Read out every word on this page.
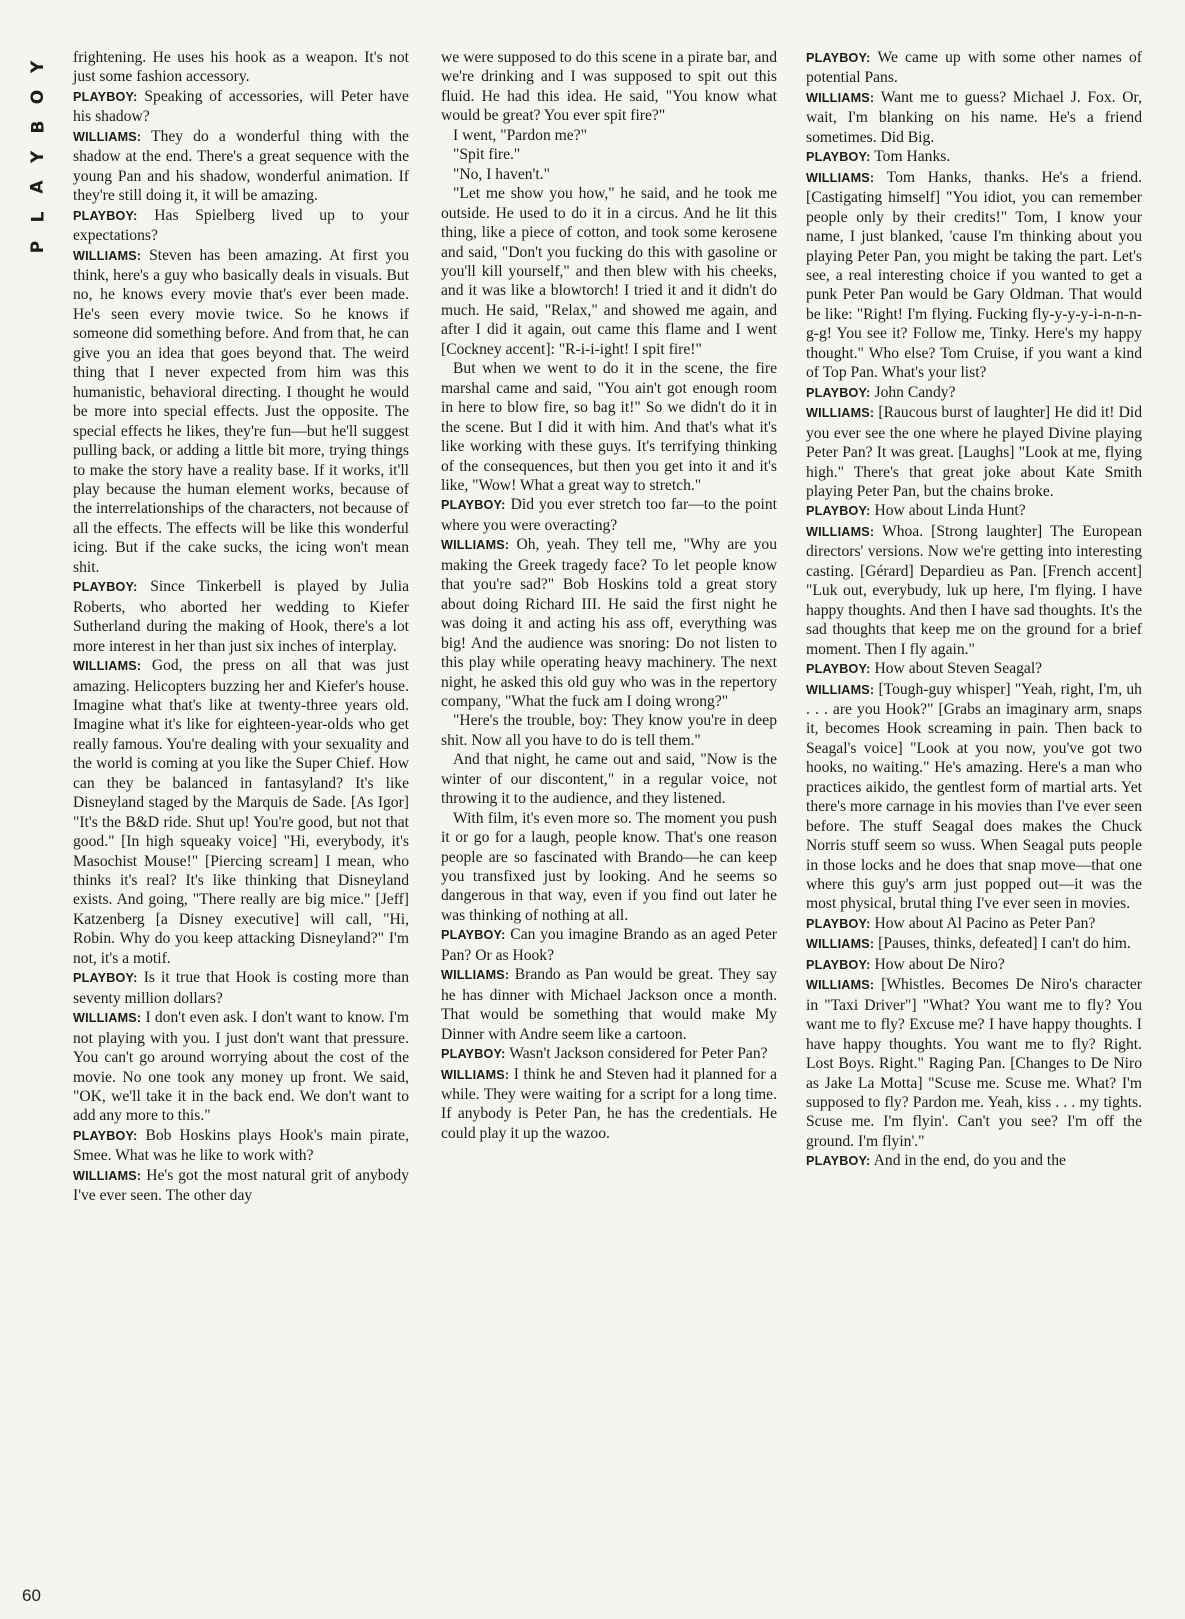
Y
O
B
Y
A
L
P

frightening. He uses his hook as a weapon. It's not just some fashion accessory.

PLAYBOY: Speaking of accessories, will Peter have his shadow?

WILLIAMS: They do a wonderful thing with the shadow at the end. There's a great sequence with the young Pan and his shadow, wonderful animation. If they're still doing it, it will be amazing.

PLAYBOY: Has Spielberg lived up to your expectations?

WILLIAMS: Steven has been amazing. At first you think, here's a guy who basically deals in visuals. But no, he knows every movie that's ever been made. He's seen every movie twice. So he knows if someone did something before. And from that, he can give you an idea that goes beyond that. The weird thing that I never expected from him was this humanistic, behavioral directing. I thought he would be more into special effects. Just the opposite. The special effects he likes, they're fun—but he'll suggest pulling back, or adding a little bit more, trying things to make the story have a reality base. If it works, it'll play because the human element works, because of the interrelationships of the characters, not because of all the effects. The effects will be like this wonderful icing. But if the cake sucks, the icing won't mean shit.

PLAYBOY: Since Tinkerbell is played by Julia Roberts, who aborted her wedding to Kiefer Sutherland during the making of Hook, there's a lot more interest in her than just six inches of interplay.

WILLIAMS: God, the press on all that was just amazing. Helicopters buzzing her and Kiefer's house. Imagine what that's like at twenty-three years old. Imagine what it's like for eighteen-year-olds who get really famous. You're dealing with your sexuality and the world is coming at you like the Super Chief. How can they be balanced in fantasyland? It's like Disneyland staged by the Marquis de Sade. [As Igor] "It's the B&D ride. Shut up! You're good, but not that good." [In high squeaky voice] "Hi, everybody, it's Masochist Mouse!" [Piercing scream] I mean, who thinks it's real? It's like thinking that Disneyland exists. And going, "There really are big mice." [Jeff] Katzenberg [a Disney executive] will call, "Hi, Robin. Why do you keep attacking Disneyland?" I'm not, it's a motif.

PLAYBOY: Is it true that Hook is costing more than seventy million dollars?

WILLIAMS: I don't even ask. I don't want to know. I'm not playing with you. I just don't want that pressure. You can't go around worrying about the cost of the movie. No one took any money up front. We said, "OK, we'll take it in the back end. We don't want to add any more to this."

PLAYBOY: Bob Hoskins plays Hook's main pirate, Smee. What was he like to work with?

WILLIAMS: He's got the most natural grit of anybody I've ever seen. The other day

we were supposed to do this scene in a pirate bar, and we're drinking and I was supposed to spit out this fluid. He had this idea. He said, "You know what would be great? You ever spit fire?"

I went, "Pardon me?"

"Spit fire."

"No, I haven't."

"Let me show you how," he said, and he took me outside. He used to do it in a circus. And he lit this thing, like a piece of cotton, and took some kerosene and said, "Don't you fucking do this with gasoline or you'll kill yourself," and then blew with his cheeks, and it was like a blowtorch! I tried it and it didn't do much. He said, "Relax," and showed me again, and after I did it again, out came this flame and I went [Cockney accent]: "R-i-i-ight! I spit fire!"

But when we went to do it in the scene, the fire marshal came and said, "You ain't got enough room in here to blow fire, so bag it!" So we didn't do it in the scene. But I did it with him. And that's what it's like working with these guys. It's terrifying thinking of the consequences, but then you get into it and it's like, "Wow! What a great way to stretch."

PLAYBOY: Did you ever stretch too far—to the point where you were overacting?

WILLIAMS: Oh, yeah. They tell me, "Why are you making the Greek tragedy face? To let people know that you're sad?" Bob Hoskins told a great story about doing Richard III. He said the first night he was doing it and acting his ass off, everything was big! And the audience was snoring: Do not listen to this play while operating heavy machinery. The next night, he asked this old guy who was in the repertory company, "What the fuck am I doing wrong?"

"Here's the trouble, boy: They know you're in deep shit. Now all you have to do is tell them."

And that night, he came out and said, "Now is the winter of our discontent," in a regular voice, not throwing it to the audience, and they listened.

With film, it's even more so. The moment you push it or go for a laugh, people know. That's one reason people are so fascinated with Brando—he can keep you transfixed just by looking. And he seems so dangerous in that way, even if you find out later he was thinking of nothing at all.

PLAYBOY: Can you imagine Brando as an aged Peter Pan? Or as Hook?

WILLIAMS: Brando as Pan would be great. They say he has dinner with Michael Jackson once a month. That would be something that would make My Dinner with Andre seem like a cartoon.

PLAYBOY: Wasn't Jackson considered for Peter Pan?

WILLIAMS: I think he and Steven had it planned for a while. They were waiting for a script for a long time. If anybody is Peter Pan, he has the credentials. He could play it up the wazoo.

PLAYBOY: We came up with some other names of potential Pans.

WILLIAMS: Want me to guess? Michael J. Fox. Or, wait, I'm blanking on his name. He's a friend sometimes. Did Big.

PLAYBOY: Tom Hanks.

WILLIAMS: Tom Hanks, thanks. He's a friend. [Castigating himself] "You idiot, you can remember people only by their credits!" Tom, I know your name, I just blanked, 'cause I'm thinking about you playing Peter Pan, you might be taking the part. Let's see, a real interesting choice if you wanted to get a punk Peter Pan would be Gary Oldman. That would be like: "Right! I'm flying. Fucking fly-y-y-y-i-n-n-n-g-g! You see it? Follow me, Tinky. Here's my happy thought." Who else? Tom Cruise, if you want a kind of Top Pan. What's your list?

PLAYBOY: John Candy?

WILLIAMS: [Raucous burst of laughter] He did it! Did you ever see the one where he played Divine playing Peter Pan? It was great. [Laughs] "Look at me, flying high." There's that great joke about Kate Smith playing Peter Pan, but the chains broke.

PLAYBOY: How about Linda Hunt?

WILLIAMS: Whoa. [Strong laughter] The European directors' versions. Now we're getting into interesting casting. [Gérard] Depardieu as Pan. [French accent] "Luk out, everybudy, luk up here, I'm flying. I have happy thoughts. And then I have sad thoughts. It's the sad thoughts that keep me on the ground for a brief moment. Then I fly again."

PLAYBOY: How about Steven Seagal?

WILLIAMS: [Tough-guy whisper] "Yeah, right, I'm, uh . . . are you Hook?" [Grabs an imaginary arm, snaps it, becomes Hook screaming in pain. Then back to Seagal's voice] "Look at you now, you've got two hooks, no waiting." He's amazing. Here's a man who practices aikido, the gentlest form of martial arts. Yet there's more carnage in his movies than I've ever seen before. The stuff Seagal does makes the Chuck Norris stuff seem so wuss. When Seagal puts people in those locks and he does that snap move—that one where this guy's arm just popped out—it was the most physical, brutal thing I've ever seen in movies.

PLAYBOY: How about Al Pacino as Peter Pan?

WILLIAMS: [Pauses, thinks, defeated] I can't do him.

PLAYBOY: How about De Niro?

WILLIAMS: [Whistles. Becomes De Niro's character in "Taxi Driver"] "What? You want me to fly? You want me to fly? Excuse me? I have happy thoughts. I have happy thoughts. You want me to fly? Right. Lost Boys. Right." Raging Pan. [Changes to De Niro as Jake La Motta] "Scuse me. Scuse me. What? I'm supposed to fly? Pardon me. Yeah, kiss . . . my tights. Scuse me. I'm flyin'. Can't you see? I'm off the ground. I'm flyin'."

PLAYBOY: And in the end, do you and the

60
